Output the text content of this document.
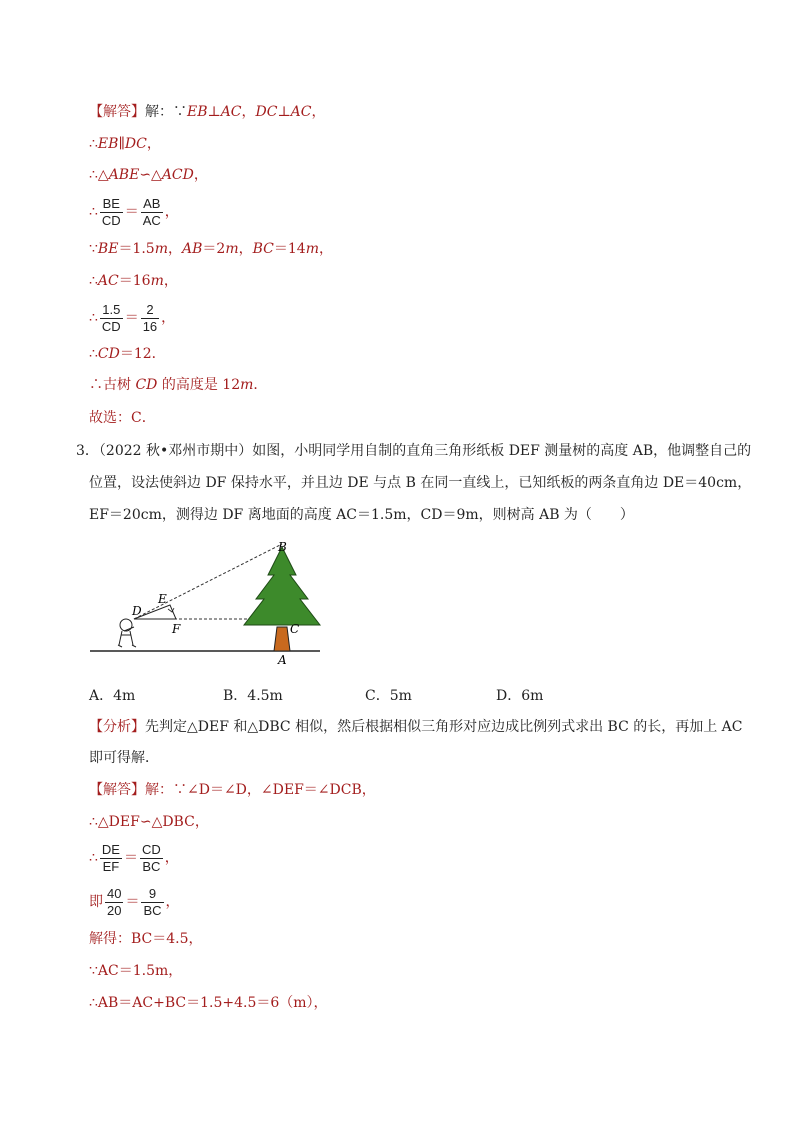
【解答】解：∵EB⊥AC，DC⊥AC，
∴EB∥DC，
∴△ABE∽△ACD，
∴ $\frac{BE}{CD} = \frac{AB}{AC}$ ，
∵BE＝1.5m，AB＝2m，BC＝14m，
∴AC＝16m，
∴ $\frac{1.5}{CD} = \frac{2}{16}$ ，
∴CD＝12．
∴古树 CD 的高度是 12m．
故选：C．
3．（2022 秋•邓州市期中）如图，小明同学用自制的直角三角形纸板 DEF 测量树的高度 AB，他调整自己的
位置，设法使斜边 DF 保持水平，并且边 DE 与点 B 在同一直线上，已知纸板的两条直角边 DE＝40cm，
EF＝20cm，测得边 DF 离地面的高度 AC＝1.5m，CD＝9m，则树高 AB 为（　　）
B
E
D
F	C
A
A．4m	B．4.5m	C．5m	D．6m
【分析】先判定△DEF 和△DBC 相似，然后根据相似三角形对应边成比例列式求出 BC 的长，再加上 AC
即可得解．
【解答】解：∵∠D＝∠D，∠DEF＝∠DCB，
∴△DEF∽△DBC，
∴ $\frac{DE}{EF} = \frac{CD}{BC}$ ，
即 $\frac{40}{20} = \frac{9}{BC}$ ，
解得：BC＝4.5，
∵AC＝1.5m，
∴AB＝AC+BC＝1.5+4.5＝6（m），
